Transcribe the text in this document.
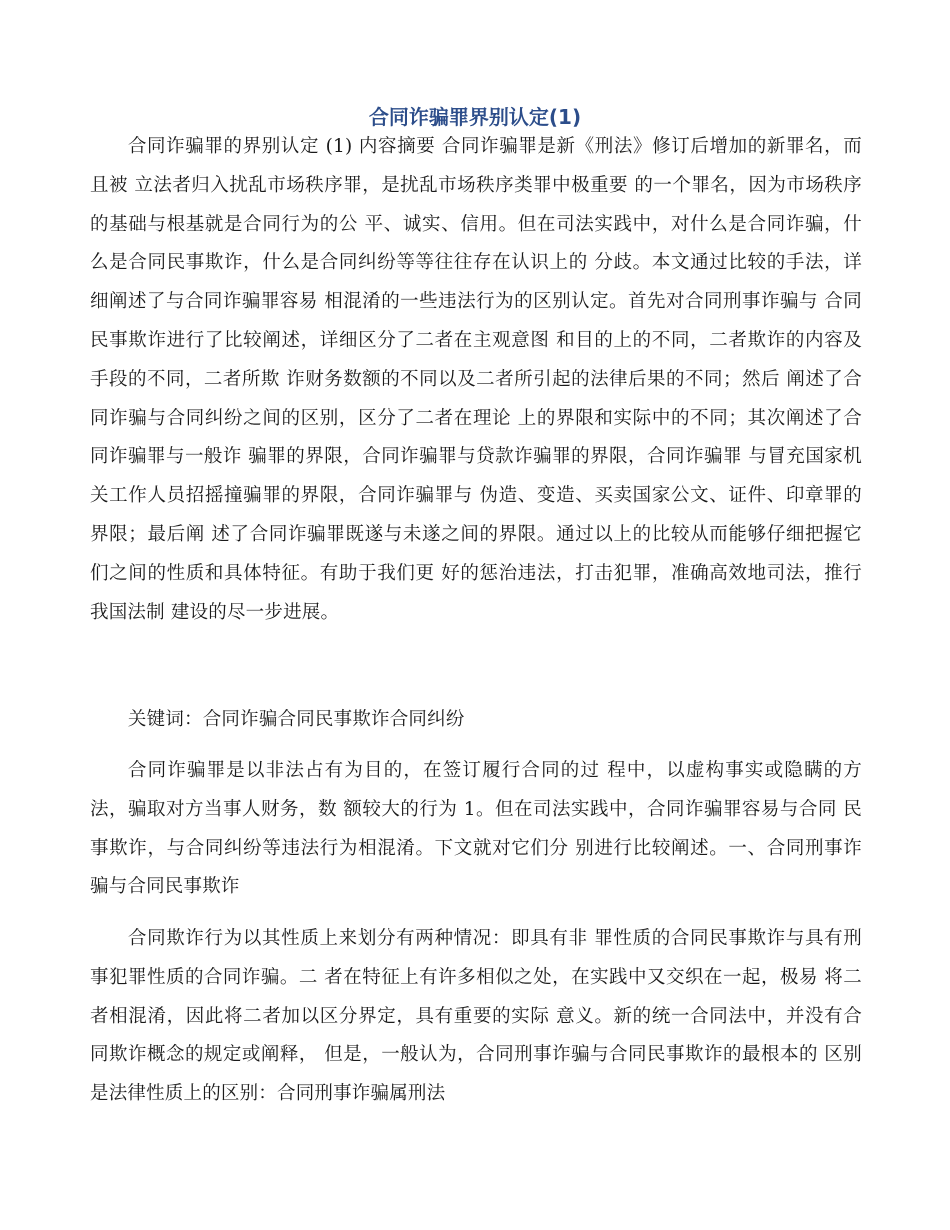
合同诈骗罪界别认定(1)

合同诈骗罪的界别认定 (1) 内容摘要 合同诈骗罪是新《刑法》修订后增加的新罪名，而且被 立法者归入扰乱市场秩序罪，是扰乱市场秩序类罪中极重要 的一个罪名，因为市场秩序的基础与根基就是合同行为的公 平、诚实、信用。但在司法实践中，对什么是合同诈骗，什 么是合同民事欺诈，什么是合同纠纷等等往往存在认识上的 分歧。本文通过比较的手法，详细阐述了与合同诈骗罪容易 相混淆的一些违法行为的区别认定。首先对合同刑事诈骗与 合同民事欺诈进行了比较阐述，详细区分了二者在主观意图 和目的上的不同，二者欺诈的内容及手段的不同，二者所欺 诈财务数额的不同以及二者所引起的法律后果的不同；然后 阐述了合同诈骗与合同纠纷之间的区别，区分了二者在理论 上的界限和实际中的不同；其次阐述了合同诈骗罪与一般诈 骗罪的界限，合同诈骗罪与贷款诈骗罪的界限，合同诈骗罪 与冒充国家机关工作人员招摇撞骗罪的界限，合同诈骗罪与 伪造、变造、买卖国家公文、证件、印章罪的界限；最后阐 述了合同诈骗罪既遂与未遂之间的界限。通过以上的比较从而能够仔细把握它们之间的性质和具体特征。有助于我们更 好的惩治违法，打击犯罪，准确高效地司法，推行我国法制 建设的尽一步进展。

关键词：合同诈骗合同民事欺诈合同纠纷

合同诈骗罪是以非法占有为目的，在签订履行合同的过 程中，以虚构事实或隐瞒的方法，骗取对方当事人财务，数 额较大的行为 1。但在司法实践中，合同诈骗罪容易与合同 民事欺诈，与合同纠纷等违法行为相混淆。下文就对它们分 别进行比较阐述。一、合同刑事诈骗与合同民事欺诈

合同欺诈行为以其性质上来划分有两种情况：即具有非 罪性质的合同民事欺诈与具有刑事犯罪性质的合同诈骗。二 者在特征上有许多相似之处，在实践中又交织在一起，极易 将二者相混淆，因此将二者加以区分界定，具有重要的实际 意义。新的统一合同法中，并没有合同欺诈概念的规定或阐释， 但是，一般认为，合同刑事诈骗与合同民事欺诈的最根本的 区别是法律性质上的区别：合同刑事诈骗属刑法
